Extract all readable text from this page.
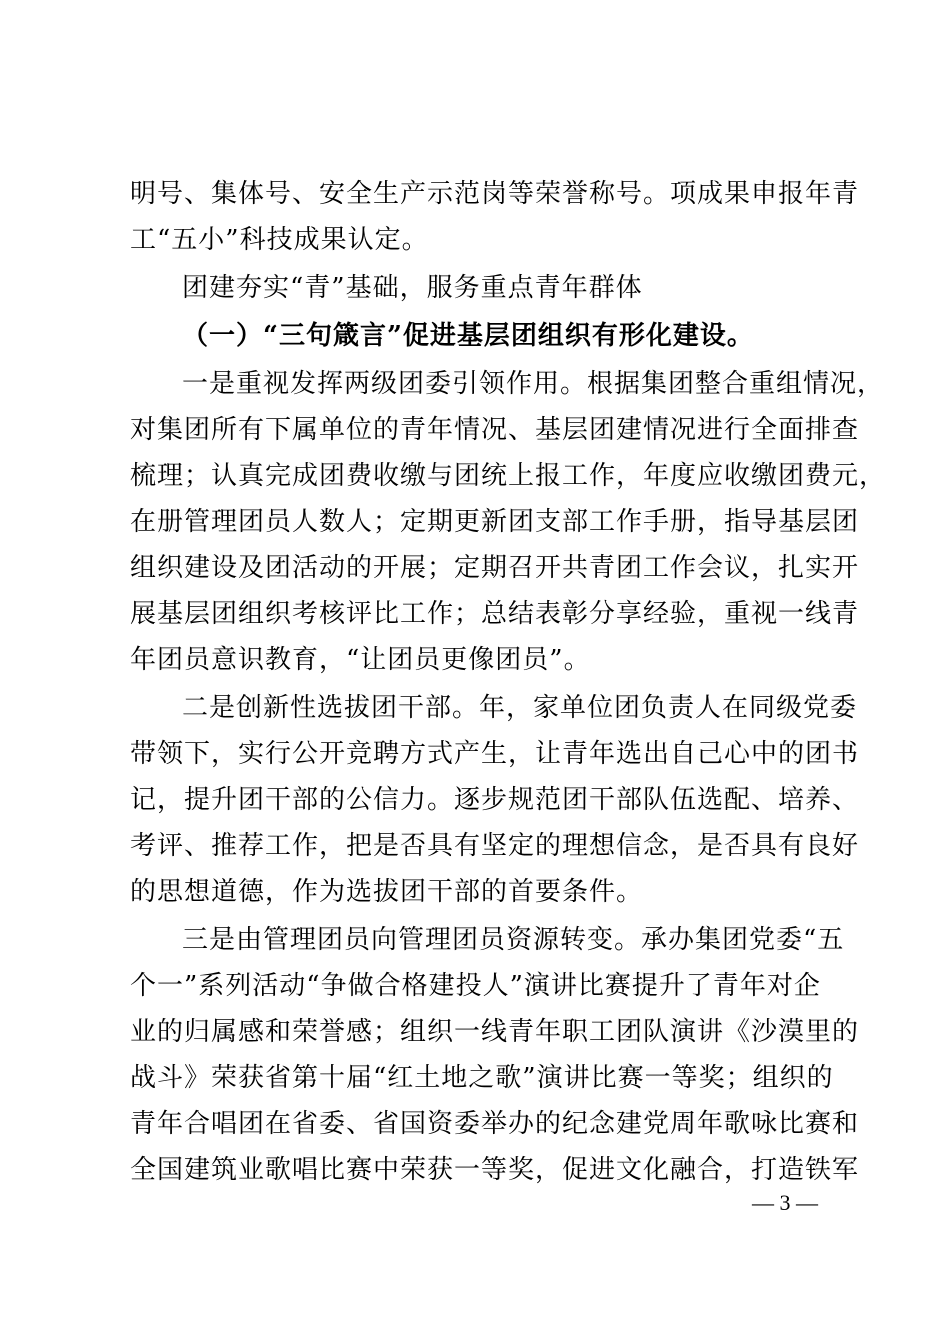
明号、集体号、安全生产示范岗等荣誉称号。项成果申报年青
工“五小”科技成果认定。

团建夯实“青”基础，服务重点青年群体

（一）“三句箴言”促进基层团组织有形化建设。

一是重视发挥两级团委引领作用。根据集团整合重组情况，
对集团所有下属单位的青年情况、基层团建情况进行全面排查
梳理；认真完成团费收缴与团统上报工作，年度应收缴团费元，
在册管理团员人数人；定期更新团支部工作手册，指导基层团
组织建设及团活动的开展；定期召开共青团工作会议，扎实开
展基层团组织考核评比工作；总结表彰分享经验，重视一线青
年团员意识教育，“让团员更像团员”。

二是创新性选拔团干部。年，家单位团负责人在同级党委
带领下，实行公开竞聘方式产生，让青年选出自己心中的团书
记，提升团干部的公信力。逐步规范团干部队伍选配、培养、
考评、推荐工作，把是否具有坚定的理想信念，是否具有良好
的思想道德，作为选拔团干部的首要条件。

三是由管理团员向管理团员资源转变。承办集团党委“五
个一”系列活动“争做合格建投人”演讲比赛提升了青年对企
业的归属感和荣誉感；组织一线青年职工团队演讲《沙漠里的
战斗》荣获省第十届“红土地之歌”演讲比赛一等奖；组织的
青年合唱团在省委、省国资委举办的纪念建党周年歌咏比赛和
全国建筑业歌唱比赛中荣获一等奖，促进文化融合，打造铁军

— 3 —
